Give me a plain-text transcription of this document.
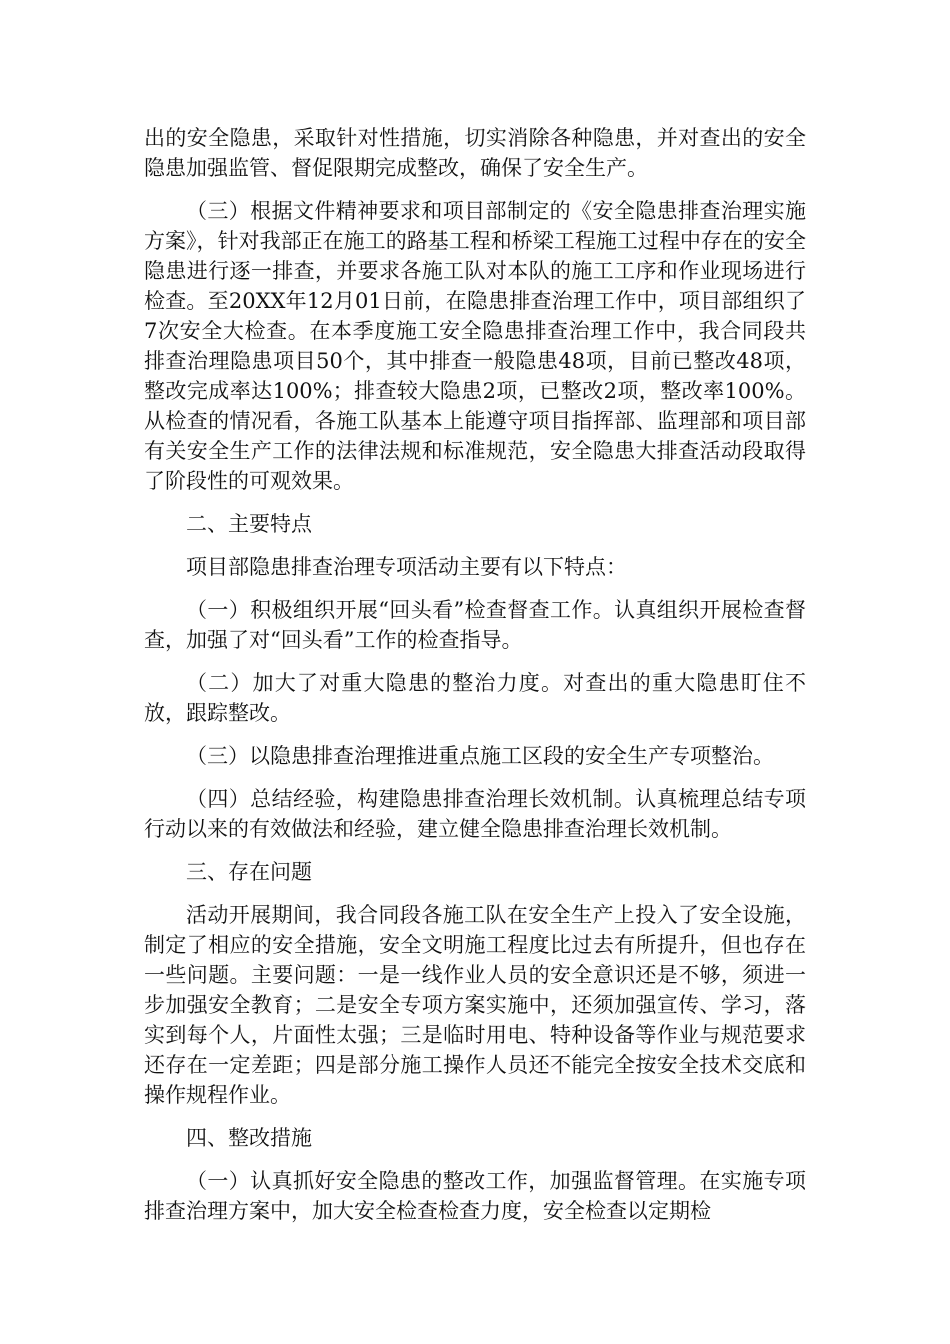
出的安全隐患，采取针对性措施，切实消除各种隐患，并对查出的安全隐患加强监管、督促限期完成整改，确保了安全生产。

（三）根据文件精神要求和项目部制定的《安全隐患排查治理实施方案》，针对我部正在施工的路基工程和桥梁工程施工过程中存在的安全隐患进行逐一排查，并要求各施工队对本队的施工工序和作业现场进行检查。至20XX年12月01日前，在隐患排查治理工作中，项目部组织了7次安全大检查。在本季度施工安全隐患排查治理工作中，我合同段共排查治理隐患项目50个，其中排查一般隐患48项，目前已整改48项，整改完成率达100%；排查较大隐患2项，已整改2项，整改率100%。从检查的情况看，各施工队基本上能遵守项目指挥部、监理部和项目部有关安全生产工作的法律法规和标准规范，安全隐患大排查活动段取得了阶段性的可观效果。

二、主要特点

项目部隐患排查治理专项活动主要有以下特点：

（一）积极组织开展“回头看”检查督查工作。认真组织开展检查督查，加强了对“回头看”工作的检查指导。

（二）加大了对重大隐患的整治力度。对查出的重大隐患盯住不放，跟踪整改。

（三）以隐患排查治理推进重点施工区段的安全生产专项整治。

（四）总结经验，构建隐患排查治理长效机制。认真梳理总结专项行动以来的有效做法和经验，建立健全隐患排查治理长效机制。

三、存在问题

活动开展期间，我合同段各施工队在安全生产上投入了安全设施，制定了相应的安全措施，安全文明施工程度比过去有所提升，但也存在一些问题。主要问题：一是一线作业人员的安全意识还是不够，须进一步加强安全教育；二是安全专项方案实施中，还须加强宣传、学习，落实到每个人，片面性太强；三是临时用电、特种设备等作业与规范要求还存在一定差距；四是部分施工操作人员还不能完全按安全技术交底和操作规程作业。

四、整改措施

（一）认真抓好安全隐患的整改工作，加强监督管理。在实施专项排查治理方案中，加大安全检查检查力度，安全检查以定期检
